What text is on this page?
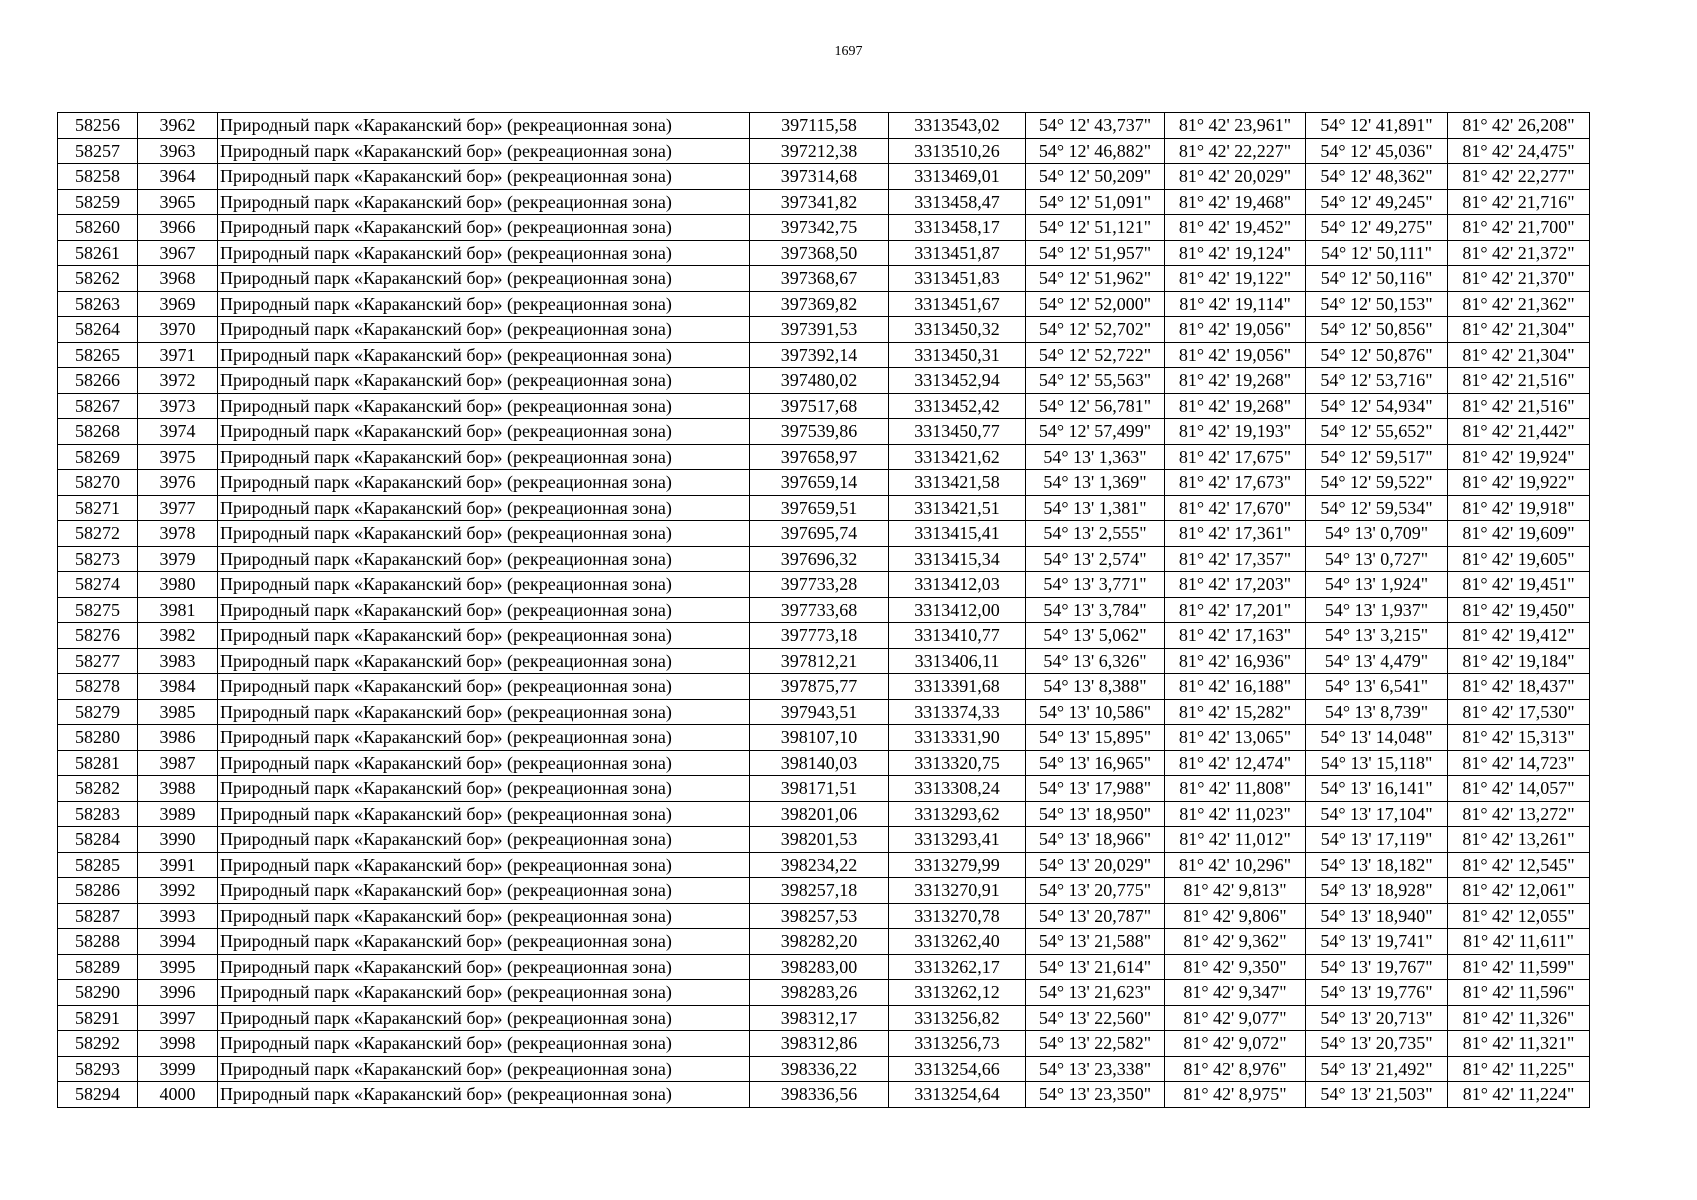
1697
58256	3962	Природный парк «Караканский бор» (рекреационная зона)	397115,58	3313543,02	54° 12' 43,737"	81° 42' 23,961"	54° 12' 41,891"	81° 42' 26,208"
58257	3963	Природный парк «Караканский бор» (рекреационная зона)	397212,38	3313510,26	54° 12' 46,882"	81° 42' 22,227"	54° 12' 45,036"	81° 42' 24,475"
58258	3964	Природный парк «Караканский бор» (рекреационная зона)	397314,68	3313469,01	54° 12' 50,209"	81° 42' 20,029"	54° 12' 48,362"	81° 42' 22,277"
58259	3965	Природный парк «Караканский бор» (рекреационная зона)	397341,82	3313458,47	54° 12' 51,091"	81° 42' 19,468"	54° 12' 49,245"	81° 42' 21,716"
58260	3966	Природный парк «Караканский бор» (рекреационная зона)	397342,75	3313458,17	54° 12' 51,121"	81° 42' 19,452"	54° 12' 49,275"	81° 42' 21,700"
58261	3967	Природный парк «Караканский бор» (рекреационная зона)	397368,50	3313451,87	54° 12' 51,957"	81° 42' 19,124"	54° 12' 50,111"	81° 42' 21,372"
58262	3968	Природный парк «Караканский бор» (рекреационная зона)	397368,67	3313451,83	54° 12' 51,962"	81° 42' 19,122"	54° 12' 50,116"	81° 42' 21,370"
58263	3969	Природный парк «Караканский бор» (рекреационная зона)	397369,82	3313451,67	54° 12' 52,000"	81° 42' 19,114"	54° 12' 50,153"	81° 42' 21,362"
58264	3970	Природный парк «Караканский бор» (рекреационная зона)	397391,53	3313450,32	54° 12' 52,702"	81° 42' 19,056"	54° 12' 50,856"	81° 42' 21,304"
58265	3971	Природный парк «Караканский бор» (рекреационная зона)	397392,14	3313450,31	54° 12' 52,722"	81° 42' 19,056"	54° 12' 50,876"	81° 42' 21,304"
58266	3972	Природный парк «Караканский бор» (рекреационная зона)	397480,02	3313452,94	54° 12' 55,563"	81° 42' 19,268"	54° 12' 53,716"	81° 42' 21,516"
58267	3973	Природный парк «Караканский бор» (рекреационная зона)	397517,68	3313452,42	54° 12' 56,781"	81° 42' 19,268"	54° 12' 54,934"	81° 42' 21,516"
58268	3974	Природный парк «Караканский бор» (рекреационная зона)	397539,86	3313450,77	54° 12' 57,499"	81° 42' 19,193"	54° 12' 55,652"	81° 42' 21,442"
58269	3975	Природный парк «Караканский бор» (рекреационная зона)	397658,97	3313421,62	54° 13' 1,363"	81° 42' 17,675"	54° 12' 59,517"	81° 42' 19,924"
58270	3976	Природный парк «Караканский бор» (рекреационная зона)	397659,14	3313421,58	54° 13' 1,369"	81° 42' 17,673"	54° 12' 59,522"	81° 42' 19,922"
58271	3977	Природный парк «Караканский бор» (рекреационная зона)	397659,51	3313421,51	54° 13' 1,381"	81° 42' 17,670"	54° 12' 59,534"	81° 42' 19,918"
58272	3978	Природный парк «Караканский бор» (рекреационная зона)	397695,74	3313415,41	54° 13' 2,555"	81° 42' 17,361"	54° 13' 0,709"	81° 42' 19,609"
58273	3979	Природный парк «Караканский бор» (рекреационная зона)	397696,32	3313415,34	54° 13' 2,574"	81° 42' 17,357"	54° 13' 0,727"	81° 42' 19,605"
58274	3980	Природный парк «Караканский бор» (рекреационная зона)	397733,28	3313412,03	54° 13' 3,771"	81° 42' 17,203"	54° 13' 1,924"	81° 42' 19,451"
58275	3981	Природный парк «Караканский бор» (рекреационная зона)	397733,68	3313412,00	54° 13' 3,784"	81° 42' 17,201"	54° 13' 1,937"	81° 42' 19,450"
58276	3982	Природный парк «Караканский бор» (рекреационная зона)	397773,18	3313410,77	54° 13' 5,062"	81° 42' 17,163"	54° 13' 3,215"	81° 42' 19,412"
58277	3983	Природный парк «Караканский бор» (рекреационная зона)	397812,21	3313406,11	54° 13' 6,326"	81° 42' 16,936"	54° 13' 4,479"	81° 42' 19,184"
58278	3984	Природный парк «Караканский бор» (рекреационная зона)	397875,77	3313391,68	54° 13' 8,388"	81° 42' 16,188"	54° 13' 6,541"	81° 42' 18,437"
58279	3985	Природный парк «Караканский бор» (рекреационная зона)	397943,51	3313374,33	54° 13' 10,586"	81° 42' 15,282"	54° 13' 8,739"	81° 42' 17,530"
58280	3986	Природный парк «Караканский бор» (рекреационная зона)	398107,10	3313331,90	54° 13' 15,895"	81° 42' 13,065"	54° 13' 14,048"	81° 42' 15,313"
58281	3987	Природный парк «Караканский бор» (рекреационная зона)	398140,03	3313320,75	54° 13' 16,965"	81° 42' 12,474"	54° 13' 15,118"	81° 42' 14,723"
58282	3988	Природный парк «Караканский бор» (рекреационная зона)	398171,51	3313308,24	54° 13' 17,988"	81° 42' 11,808"	54° 13' 16,141"	81° 42' 14,057"
58283	3989	Природный парк «Караканский бор» (рекреационная зона)	398201,06	3313293,62	54° 13' 18,950"	81° 42' 11,023"	54° 13' 17,104"	81° 42' 13,272"
58284	3990	Природный парк «Караканский бор» (рекреационная зона)	398201,53	3313293,41	54° 13' 18,966"	81° 42' 11,012"	54° 13' 17,119"	81° 42' 13,261"
58285	3991	Природный парк «Караканский бор» (рекреационная зона)	398234,22	3313279,99	54° 13' 20,029"	81° 42' 10,296"	54° 13' 18,182"	81° 42' 12,545"
58286	3992	Природный парк «Караканский бор» (рекреационная зона)	398257,18	3313270,91	54° 13' 20,775"	81° 42' 9,813"	54° 13' 18,928"	81° 42' 12,061"
58287	3993	Природный парк «Караканский бор» (рекреационная зона)	398257,53	3313270,78	54° 13' 20,787"	81° 42' 9,806"	54° 13' 18,940"	81° 42' 12,055"
58288	3994	Природный парк «Караканский бор» (рекреационная зона)	398282,20	3313262,40	54° 13' 21,588"	81° 42' 9,362"	54° 13' 19,741"	81° 42' 11,611"
58289	3995	Природный парк «Караканский бор» (рекреационная зона)	398283,00	3313262,17	54° 13' 21,614"	81° 42' 9,350"	54° 13' 19,767"	81° 42' 11,599"
58290	3996	Природный парк «Караканский бор» (рекреационная зона)	398283,26	3313262,12	54° 13' 21,623"	81° 42' 9,347"	54° 13' 19,776"	81° 42' 11,596"
58291	3997	Природный парк «Караканский бор» (рекреационная зона)	398312,17	3313256,82	54° 13' 22,560"	81° 42' 9,077"	54° 13' 20,713"	81° 42' 11,326"
58292	3998	Природный парк «Караканский бор» (рекреационная зона)	398312,86	3313256,73	54° 13' 22,582"	81° 42' 9,072"	54° 13' 20,735"	81° 42' 11,321"
58293	3999	Природный парк «Караканский бор» (рекреационная зона)	398336,22	3313254,66	54° 13' 23,338"	81° 42' 8,976"	54° 13' 21,492"	81° 42' 11,225"
58294	4000	Природный парк «Караканский бор» (рекреационная зона)	398336,56	3313254,64	54° 13' 23,350"	81° 42' 8,975"	54° 13' 21,503"	81° 42' 11,224"
